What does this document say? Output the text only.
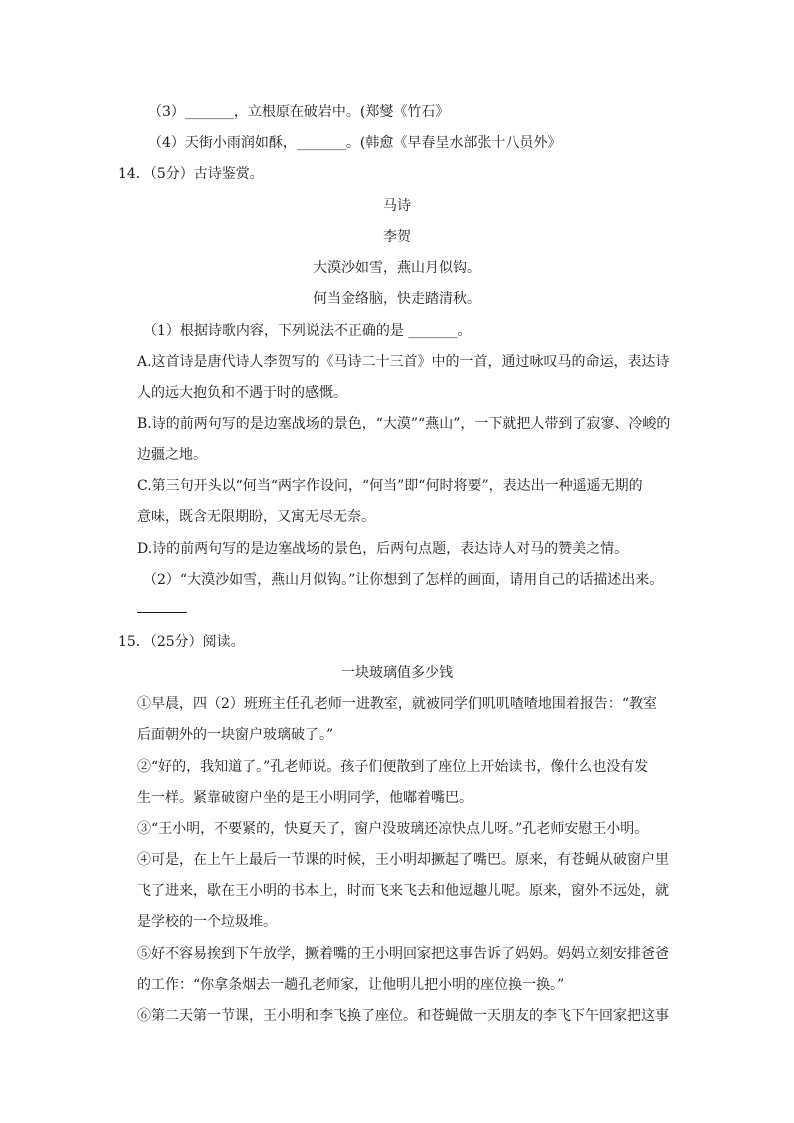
（3）_______，立根原在破岩中。(郑燮《竹石》
（4）天街小雨润如酥，_______。(韩愈《早春呈水部张十八员外》
14．（5分）古诗鉴赏。
马诗
李贺
大漠沙如雪，燕山月似钩。
何当金络脑，快走踏清秋。
（1）根据诗歌内容，下列说法不正确的是 _______。
A.这首诗是唐代诗人李贺写的《马诗二十三首》中的一首，通过咏叹马的命运，表达诗
人的远大抱负和不遇于时的感慨。
B.诗的前两句写的是边塞战场的景色，“大漠”“燕山”，一下就把人带到了寂寥、冷峻的
边疆之地。
C.第三句开头以“何当“两字作设问，“何当”即“何时将要”，表达出一种遥遥无期的
意味，既含无限期盼，又寓无尽无奈。
D.诗的前两句写的是边塞战场的景色，后两句点题，表达诗人对马的赞美之情。
（2）“大漠沙如雪，燕山月似钩。”让你想到了怎样的画面，请用自己的话描述出来。
15．（25分）阅读。
一块玻璃值多少钱
①早晨，四（2）班班主任孔老师一进教室，就被同学们叽叽喳喳地围着报告：“教室
后面朝外的一块窗户玻璃破了。”
②“好的，我知道了。”孔老师说。孩子们便散到了座位上开始读书，像什么也没有发
生一样。紧靠破窗户坐的是王小明同学，他嘟着嘴巴。
③“王小明，不要紧的，快夏天了，窗户没玻璃还凉快点儿呀。”孔老师安慰王小明。
④可是，在上午上最后一节课的时候，王小明却撅起了嘴巴。原来，有苍蝇从破窗户里
飞了进来，歇在王小明的书本上，时而飞来飞去和他逗趣儿呢。原来，窗外不远处，就
是学校的一个垃圾堆。
⑤好不容易挨到下午放学，撅着嘴的王小明回家把这事告诉了妈妈。妈妈立刻安排爸爸
的工作：“你拿条烟去一趟孔老师家，让他明儿把小明的座位换一换。”
⑥第二天第一节课，王小明和李飞换了座位。和苍蝇做一天朋友的李飞下午回家把这事
